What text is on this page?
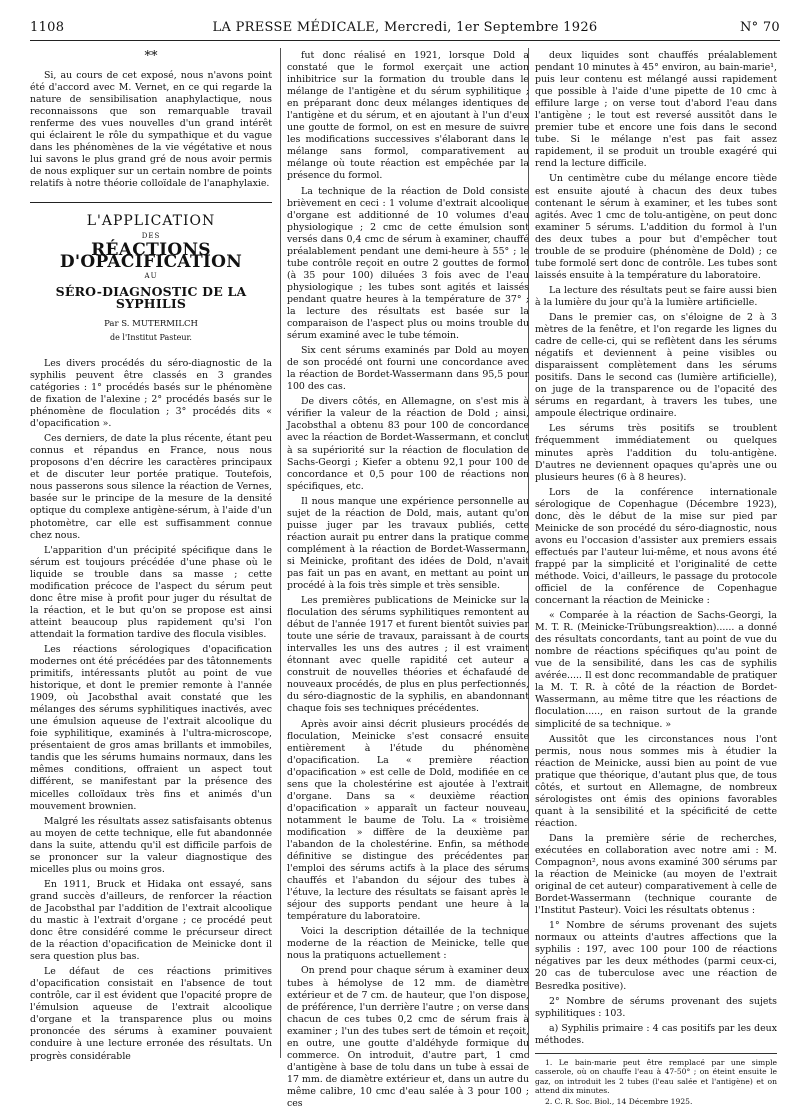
1108	LA PRESSE MÉDICALE, Mercredi, 1er Septembre 1926	N° 70
**

Si, au cours de cet exposé, nous n'avons point été d'accord avec M. Vernet, en ce qui regarde la nature de sensibilisation anaphylactique, nous reconnaissons que son remarquable travail renferme des vues nouvelles d'un grand intérêt qui éclairent le rôle du sympathique et du vague dans les phénomènes de la vie végétative et nous lui savons le plus grand gré de nous avoir permis de nous expliquer sur un certain nombre de points relatifs à notre théorie colloïdale de l'anaphylaxie.

L'APPLICATION
DES
RÉACTIONS D'OPACIFICATION
AU
SÉRO-DIAGNOSTIC DE LA SYPHILIS
Par S. MUTERMILCH
de l'Institut Pasteur.

Les divers procédés du séro-diagnostic de la syphilis peuvent être classés en 3 grandes catégories : 1° procédés basés sur le phénomène de fixation de l'alexine ; 2° procédés basés sur le phénomène de floculation ; 3° procédés dits « d'opacification ».

Ces derniers, de date la plus récente, étant peu connus et répandus en France, nous nous proposons d'en décrire les caractères principaux et de discuter leur portée pratique. Toutefois, nous passerons sous silence la réaction de Vernes, basée sur le principe de la mesure de la densité optique du complexe antigène-sérum, à l'aide d'un photomètre, car elle est suffisamment connue chez nous.

L'apparition d'un précipité spécifique dans le sérum est toujours précédée d'une phase où le liquide se trouble dans sa masse ; cette modification précoce de l'aspect du sérum peut donc être mise à profit pour juger du résultat de la réaction, et le but qu'on se propose est ainsi atteint beaucoup plus rapidement qu'si l'on attendait la formation tardive des flocula visibles.

Les réactions sérologiques d'opacification modernes ont été précédées par des tâtonnements primitifs, intéressants plutôt au point de vue historique, et dont le premier remonte à l'année 1909, où Jacobsthal avait constaté que les mélanges des sérums syphilitiques inactivés, avec une émulsion aqueuse de l'extrait alcoolique du foie syphilitique, examinés à l'ultra-microscope, présentaient de gros amas brillants et immobiles, tandis que les sérums humains normaux, dans les mêmes conditions, offraient un aspect tout différent, se manifestant par la présence des micelles colloïdaux très fins et animés d'un mouvement brownien.

Malgré les résultats assez satisfaisants obtenus au moyen de cette technique, elle fut abandonnée dans la suite, attendu qu'il est difficile parfois de se prononcer sur la valeur diagnostique des micelles plus ou moins gros.

En 1911, Bruck et Hidaka ont essayé, sans grand succès d'ailleurs, de renforcer la réaction de Jacobsthal par l'addition de l'extrait alcoolique du mastic à l'extrait d'organe ; ce procédé peut donc être considéré comme le précurseur direct de la réaction d'opacification de Meinicke dont il sera question plus bas.

Le défaut de ces réactions primitives d'opacification consistait en l'absence de tout contrôle, car il est évident que l'opacité propre de l'émulsion aqueuse de l'extrait alcoolique d'organe et la transparence plus ou moins prononcée des sérums à examiner pouvaient conduire à une lecture erronée des résultats. Un progrès considérable

fut donc réalisé en 1921, lorsque Dold a constaté que le formol exerçait une action inhibitrice sur la formation du trouble dans le mélange de l'antigène et du sérum syphilitique ; en préparant donc deux mélanges identiques de l'antigène et du sérum, et en ajoutant à l'un d'eux une goutte de formol, on est en mesure de suivre les modifications successives s'élaborant dans le mélange sans formol, comparativement au mélange où toute réaction est empêchée par la présence du formol.

La technique de la réaction de Dold consiste brièvement en ceci : 1 volume d'extrait alcoolique d'organe est additionné de 10 volumes d'eau physiologique ; 2 cmc de cette émulsion sont versés dans 0,4 cmc de sérum à examiner, chauffé préalablement pendant une demi-heure à 55° ; le tube contrôle reçoit en outre 2 gouttes de formol (à 35 pour 100) diluées 3 fois avec de l'eau physiologique ; les tubes sont agités et laissés pendant quatre heures à la température de 37° ; la lecture des résultats est basée sur la comparaison de l'aspect plus ou moins trouble du sérum examiné avec le tube témoin.

Six cent sérums examinés par Dold au moyen de son procédé ont fourni une concordance avec la réaction de Bordet-Wassermann dans 95,5 pour 100 des cas.

De divers côtés, en Allemagne, on s'est mis à vérifier la valeur de la réaction de Dold ; ainsi, Jacobsthal a obtenu 83 pour 100 de concordance avec la réaction de Bordet-Wassermann, et conclut à sa supériorité sur la réaction de floculation de Sachs-Georgi ; Kiefer a obtenu 92,1 pour 100 de concordance et 0,5 pour 100 de réactions non spécifiques, etc.

Il nous manque une expérience personnelle au sujet de la réaction de Dold, mais, autant qu'on puisse juger par les travaux publiés, cette réaction aurait pu entrer dans la pratique comme complément à la réaction de Bordet-Wassermann, si Meinicke, profitant des idées de Dold, n'avait pas fait un pas en avant, en mettant au point un procédé à la fois très simple et très sensible.

Les premières publications de Meinicke sur la floculation des sérums syphilitiques remontent au début de l'année 1917 et furent bientôt suivies par toute une série de travaux, paraissant à de courts intervalles les uns des autres ; il est vraiment étonnant avec quelle rapidité cet auteur a construit de nouvelles théories et échafaudé de nouveaux procédés, de plus en plus perfectionnés, du séro-diagnostic de la syphilis, en abandonnant chaque fois ses techniques précédentes.

Après avoir ainsi décrit plusieurs procédés de floculation, Meinicke s'est consacré ensuite entièrement à l'étude du phénomène d'opacification. La « première réaction d'opacification » est celle de Dold, modifiée en ce sens que la cholestérine est ajoutée à l'extrait d'organe. Dans sa « deuxième réaction d'opacification » apparaît un facteur nouveau, notamment le baume de Tolu. La « troisième modification » diffère de la deuxième par l'abandon de la cholestérine. Enfin, sa méthode définitive se distingue des précédentes par l'emploi des sérums actifs à la place des sérums chauffés et l'abandon du séjour des tubes à l'étuve, la lecture des résultats se faisant après le séjour des supports pendant une heure à la température du laboratoire.

Voici la description détaillée de la technique moderne de la réaction de Meinicke, telle que nous la pratiquons actuellement :

On prend pour chaque sérum à examiner deux tubes à hémolyse de 12 mm. de diamètre extérieur et de 7 cm. de hauteur, que l'on dispose, de préférence, l'un derrière l'autre ; on verse dans chacun de ces tubes 0,2 cmc de sérum frais à examiner ; l'un des tubes sert de témoin et reçoit, en outre, une goutte d'aldéhyde formique du commerce. On introduit, d'autre part, 1 cmc d'antigène à base de tolu dans un tube à essai de 17 mm. de diamètre extérieur et, dans un autre du même calibre, 10 cmc d'eau salée à 3 pour 100 ; ces

deux liquides sont chauffés préalablement pendant 10 minutes à 45° environ, au bain-marie¹, puis leur contenu est mélangé aussi rapidement que possible à l'aide d'une pipette de 10 cmc à effilure large ; on verse tout d'abord l'eau dans l'antigène ; le tout est reversé aussitôt dans le premier tube et encore une fois dans le second tube. Si le mélange n'est pas fait assez rapidement, il se produit un trouble exagéré qui rend la lecture difficile.

Un centimètre cube du mélange encore tiède est ensuite ajouté à chacun des deux tubes contenant le sérum à examiner, et les tubes sont agités. Avec 1 cmc de tolu-antigène, on peut donc examiner 5 sérums. L'addition du formol à l'un des deux tubes a pour but d'empêcher tout trouble de se produire (phénomène de Dold) ; ce tube formolé sert donc de contrôle. Les tubes sont laissés ensuite à la température du laboratoire.

La lecture des résultats peut se faire aussi bien à la lumière du jour qu'à la lumière artificielle.

Dans le premier cas, on s'éloigne de 2 à 3 mètres de la fenêtre, et l'on regarde les lignes du cadre de celle-ci, qui se reflètent dans les sérums négatifs et deviennent à peine visibles ou disparaissent complètement dans les sérums positifs. Dans le second cas (lumière artificielle), on juge de la transparence ou de l'opacité des sérums en regardant, à travers les tubes, une ampoule électrique ordinaire.

Les sérums très positifs se troublent fréquemment immédiatement ou quelques minutes après l'addition du tolu-antigène. D'autres ne deviennent opaques qu'après une ou plusieurs heures (6 à 8 heures).

Lors de la conférence internationale sérologique de Copenhague (Décembre 1923), donc, dès le début de la mise sur pied par Meinicke de son procédé du séro-diagnostic, nous avons eu l'occasion d'assister aux premiers essais effectués par l'auteur lui-même, et nous avons été frappé par la simplicité et l'originalité de cette méthode. Voici, d'ailleurs, le passage du protocole officiel de la conférence de Copenhague concernant la réaction de Meinicke :

« Comparée à la réaction de Sachs-Georgi, la M. T. R. (Meinicke-Trübungsreaktion)...... a donné des résultats concordants, tant au point de vue du nombre de réactions spécifiques qu'au point de vue de la sensibilité, dans les cas de syphilis avérée..... Il est donc recommandable de pratiquer la M. T. R. à côté de la réaction de Bordet-Wassermann, au même titre que les réactions de floculation....., en raison surtout de la grande simplicité de sa technique. »

Aussitôt que les circonstances nous l'ont permis, nous nous sommes mis à étudier la réaction de Meinicke, aussi bien au point de vue pratique que théorique, d'autant plus que, de tous côtés, et surtout en Allemagne, de nombreux sérologistes ont émis des opinions favorables quant à la sensibilité et la spécificité de cette réaction.

Dans la première série de recherches, exécutées en collaboration avec notre ami : M. Compagnon², nous avons examiné 300 sérums par la réaction de Meinicke (au moyen de l'extrait original de cet auteur) comparativement à celle de Bordet-Wassermann (technique courante de l'Institut Pasteur). Voici les résultats obtenus :

1° Nombre de sérums provenant des sujets normaux ou atteints d'autres affections que la syphilis : 197, avec 100 pour 100 de réactions négatives par les deux méthodes (parmi ceux-ci, 20 cas de tuberculose avec une réaction de Besredka positive).

2° Nombre de sérums provenant des sujets syphilitiques : 103.

a) Syphilis primaire : 4 cas positifs par les deux méthodes.

1. Le bain-marie peut être remplacé par une simple casserole, où on chauffe l'eau à 47-50° ; on éteint ensuite le gaz, on introduit les 2 tubes (l'eau salée et l'antigène) et on attend dix minutes.
2. C. R. Soc. Biol., 14 Décembre 1925.
